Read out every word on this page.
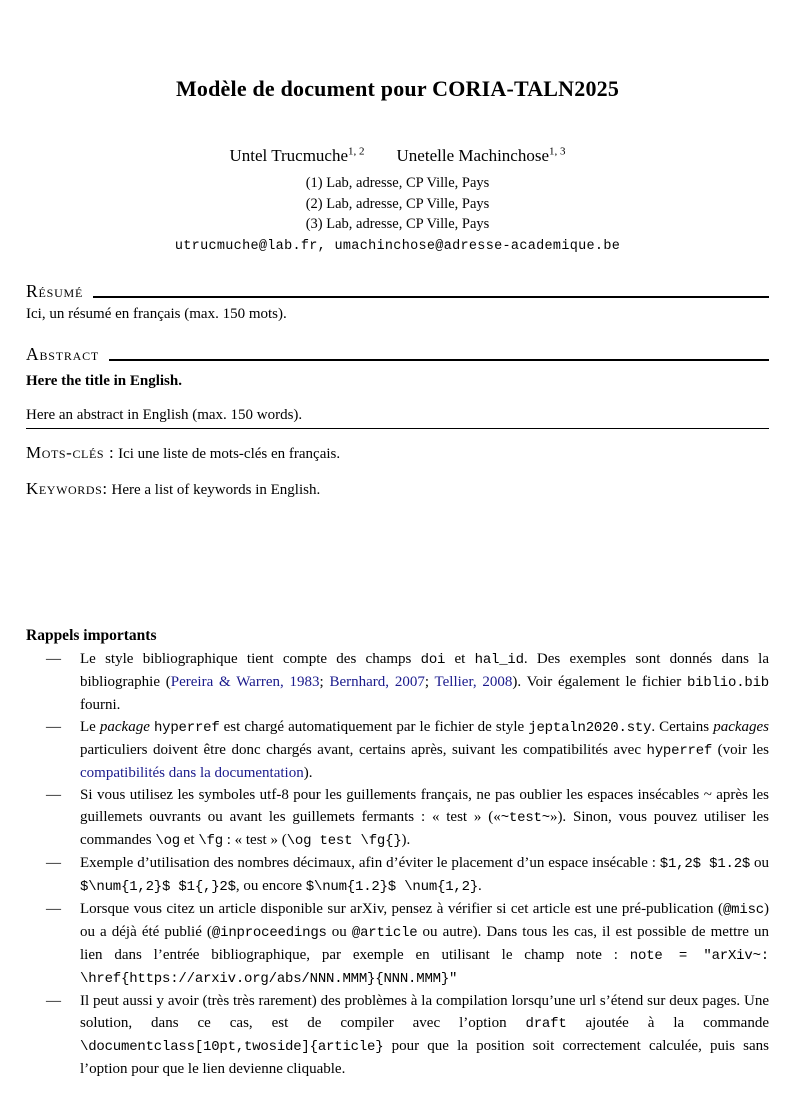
Modèle de document pour CORIA-TALN2025
Untel Trucmuche$^{1, 2}$ Unetelle Machinchose$^{1, 3}$
(1) Lab, adresse, CP Ville, Pays
(2) Lab, adresse, CP Ville, Pays
(3) Lab, adresse, CP Ville, Pays
utrucmuche@lab.fr, umachinchose@adresse-academique.be
Résumé
Ici, un résumé en français (max. 150 mots).
Abstract
Here the title in English.
Here an abstract in English (max. 150 words).
Mots-clés : Ici une liste de mots-clés en français.
Keywords: Here a list of keywords in English.
Rappels importants
—	Le style bibliographique tient compte des champs doi et hal_id. Des exemples sont donnés dans la bibliographie (Pereira & Warren, 1983; Bernhard, 2007; Tellier, 2008). Voir également le fichier biblio.bib fourni.
—	Le package hyperref est chargé automatiquement par le fichier de style jeptaln2020.sty. Certains packages particuliers doivent être donc chargés avant, certains après, suivant les compatibilités avec hyperref (voir les compatibilités dans la documentation).
—	Si vous utilisez les symboles utf-8 pour les guillements français, ne pas oublier les espaces insécables ~ après les guillemets ouvrants ou avant les guillemets fermants : « test » («~test~»). Sinon, vous pouvez utiliser les commandes \og et \fg : « test » (\og test \fg{}).
—	Exemple d’utilisation des nombres décimaux, afin d’éviter le placement d’un espace insécable : $1,2$ $1.2$ ou $\num{1,2}$ $1{,}2$, ou encore $\num{1.2}$ \num{1,2}.
—	Lorsque vous citez un article disponible sur arXiv, pensez à vérifier si cet article est une pré-publication (@misc) ou a déjà été publié (@inproceedings ou @article ou autre). Dans tous les cas, il est possible de mettre un lien dans l’entrée bibliographique, par exemple en utilisant le champ note : note = "arXiv~: \href{https://arxiv.org/abs/NNN.MMM}{NNN.MMM}"
—	Il peut aussi y avoir (très très rarement) des problèmes à la compilation lorsqu’une url s’étend sur deux pages. Une solution, dans ce cas, est de compiler avec l’option draft ajoutée à la commande \documentclass[10pt,twoside]{article} pour que la position soit correctement calculée, puis sans l’option pour que le lien devienne cliquable.
